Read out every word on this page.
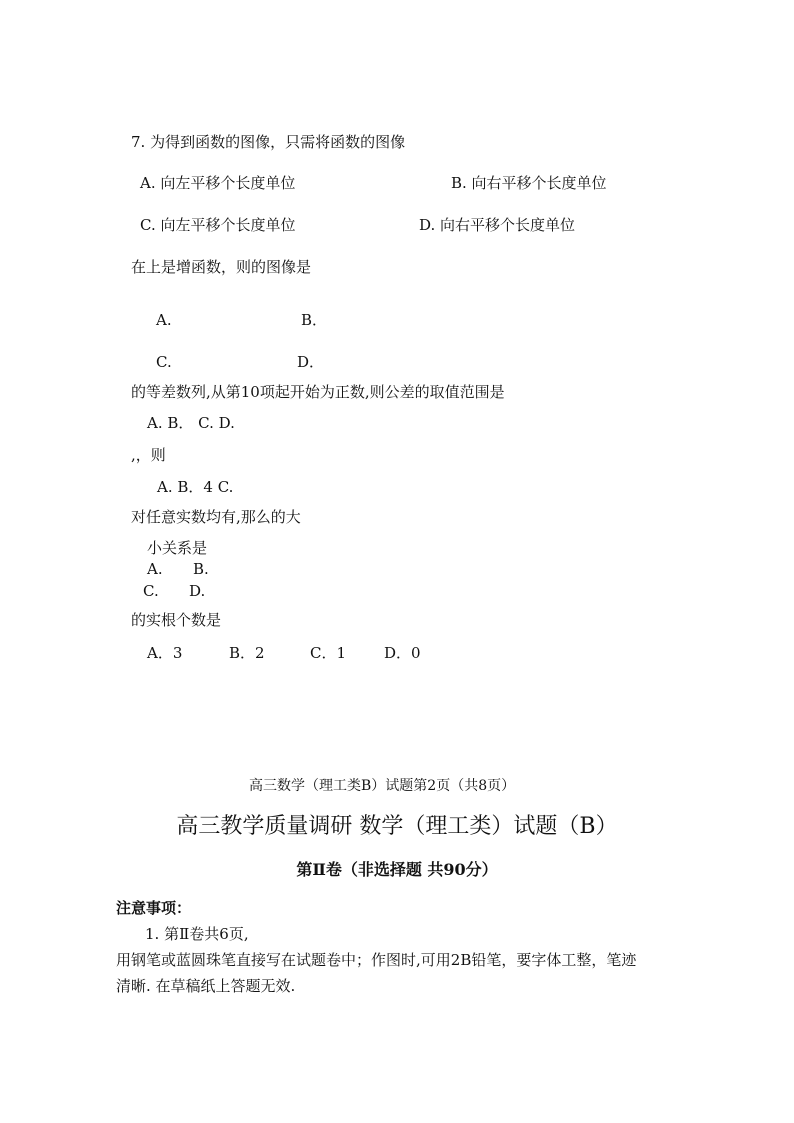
7. 为得到函数的图像，只需将函数的图像
A. 向左平移个长度单位	B. 向右平移个长度单位
C. 向左平移个长度单位	D. 向右平移个长度单位
在上是增函数，则的图像是
A.	B．
C.	D．
的等差数列,从第10项起开始为正数,则公差的取值范围是
A. B． C. D.
,，则
A. B．4 C.
对任意实数均有,那么的大
小关系是
A. B.
C. D.
的实根个数是
A．3	B．2	C．1	D．0
高三数学（理工类B）试题第2页（共8页）
高三教学质量调研 数学（理工类）试题（B）
第Ⅱ卷（非选择题 共90分）
注意事项：
1. 第Ⅱ卷共6页,
用钢笔或蓝圆珠笔直接写在试题卷中；作图时,可用2B铅笔，要字体工整，笔迹
清晰. 在草稿纸上答题无效.
